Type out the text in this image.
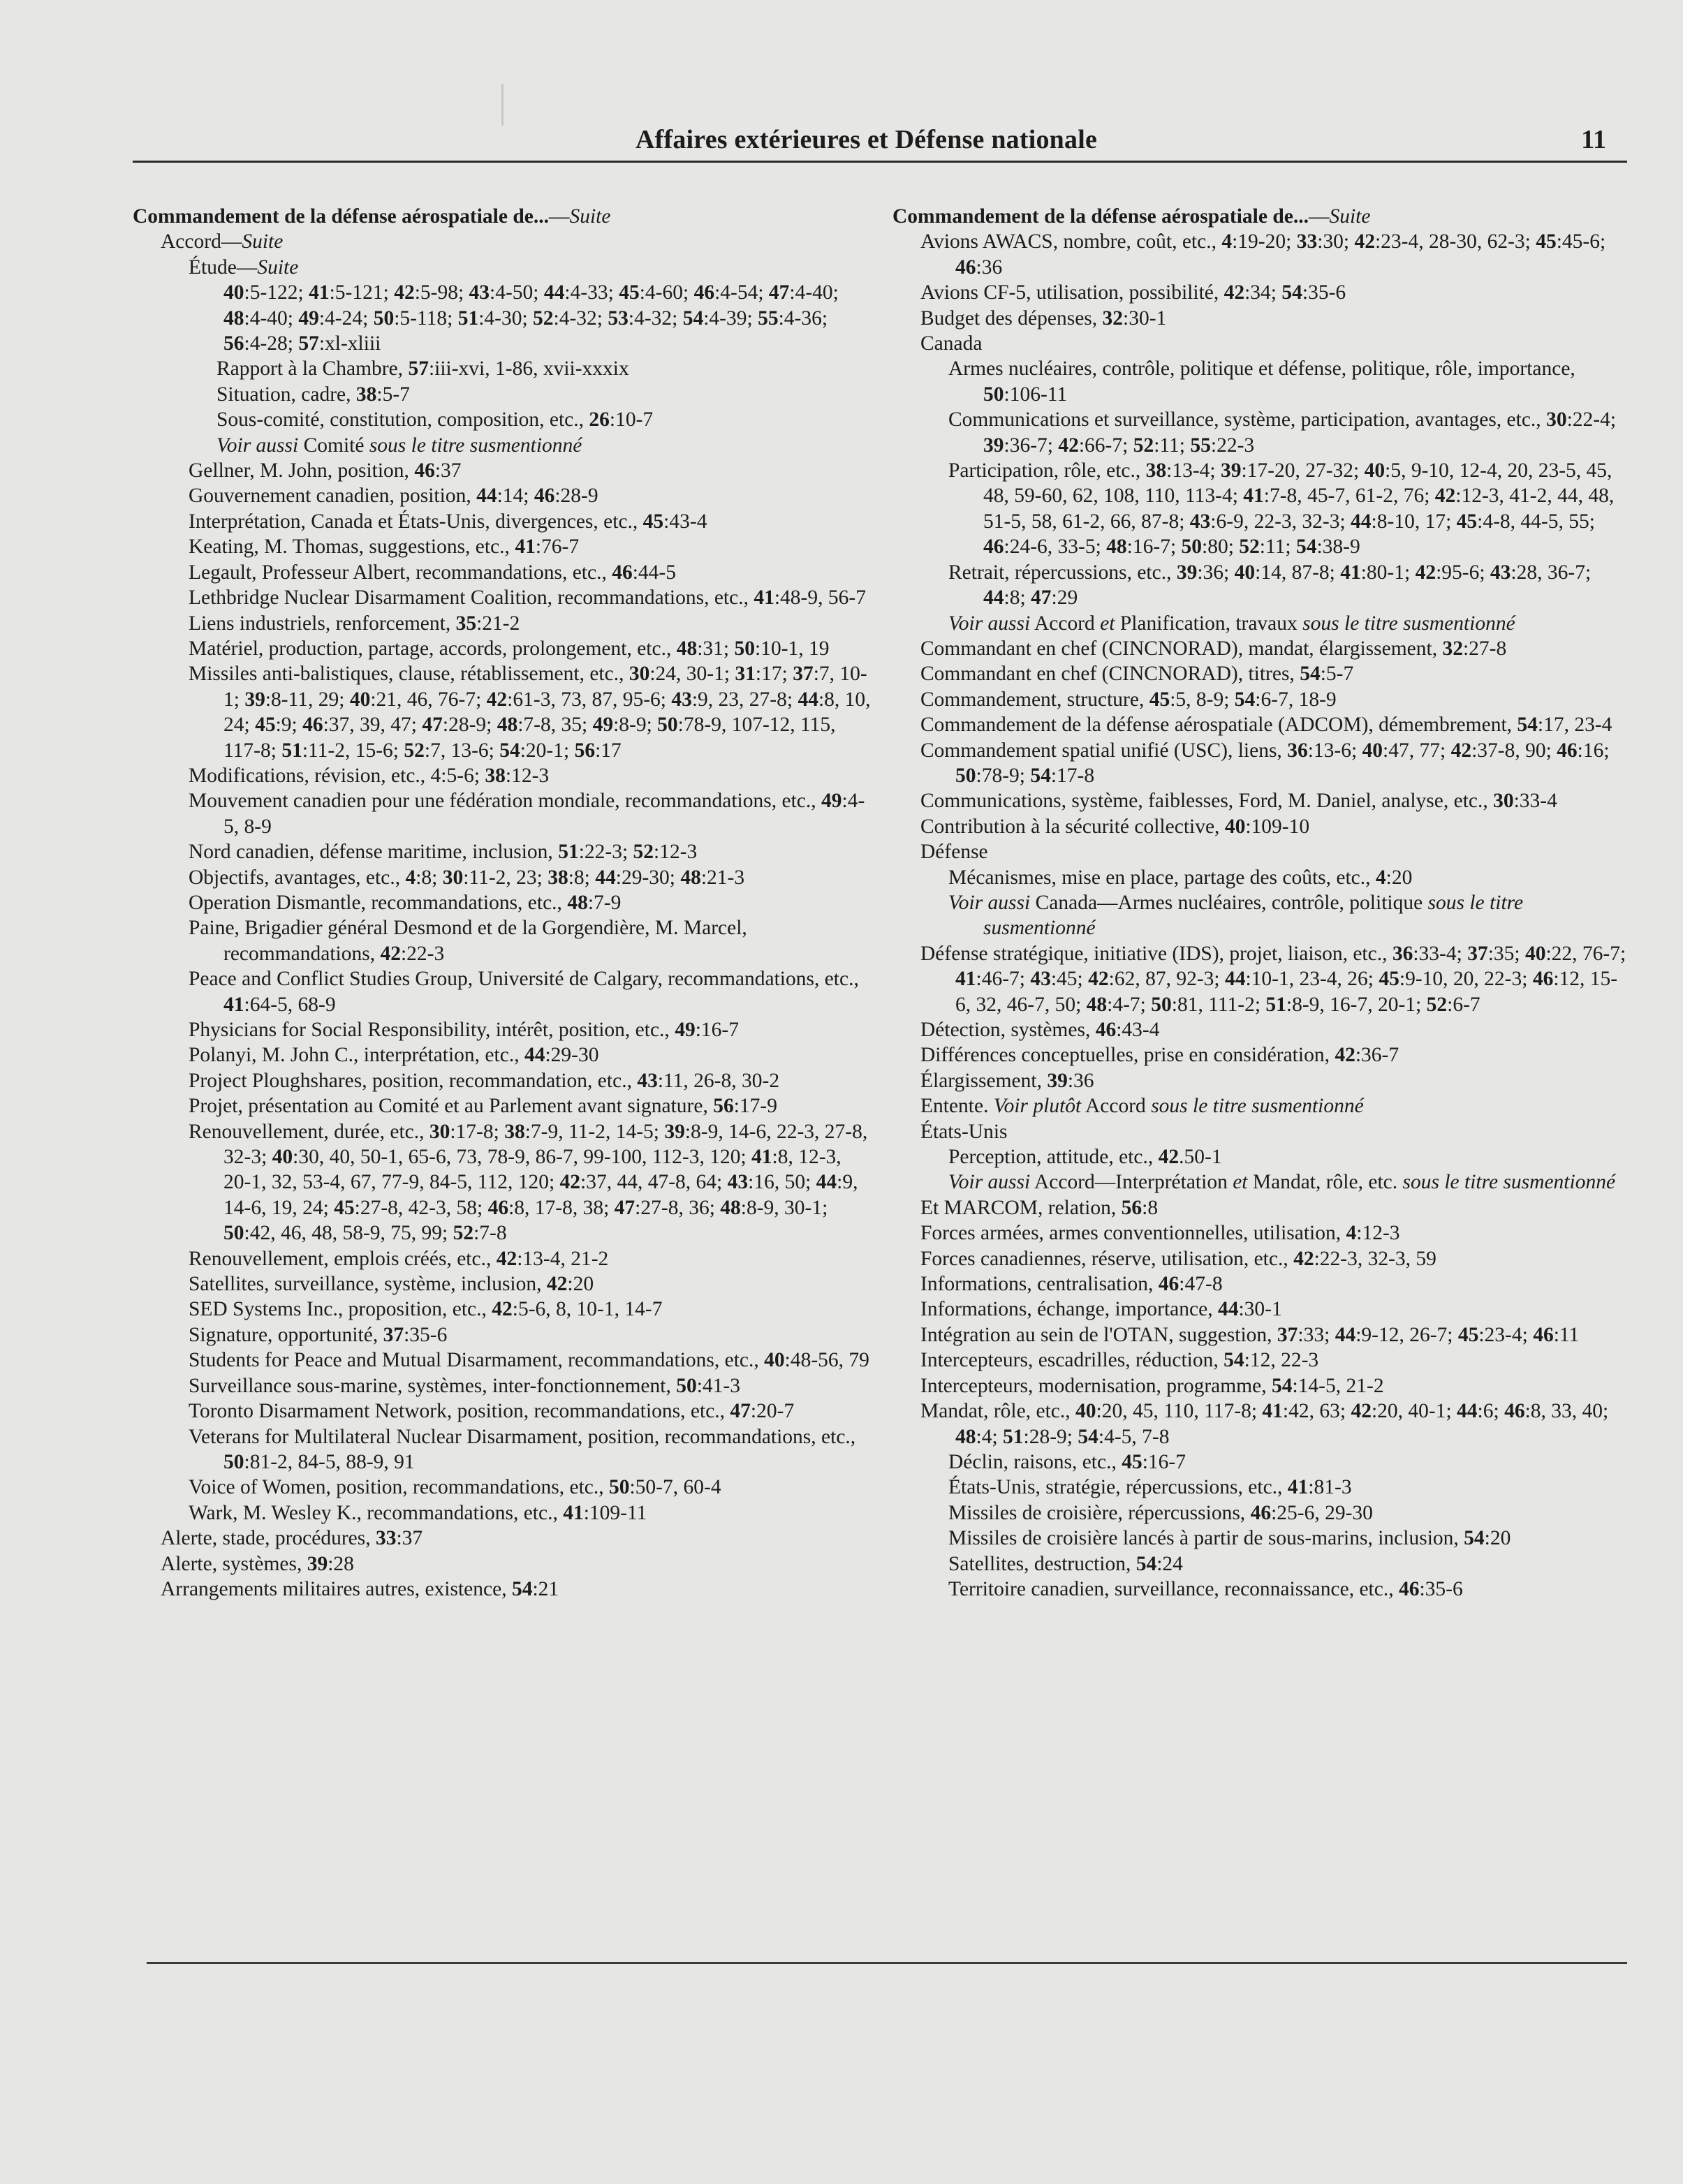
Affaires extérieures et Défense nationale	11
Commandement de la défense aérospatiale de...—Suite
Accord—Suite
Étude—Suite
40:5-122; 41:5-121; 42:5-98; 43:4-50; 44:4-33; 45:4-60; 46:4-54; 47:4-40; 48:4-40; 49:4-24; 50:5-118; 51:4-30; 52:4-32; 53:4-32; 54:4-39; 55:4-36; 56:4-28; 57:xl-xliii
Rapport à la Chambre, 57:iii-xvi, 1-86, xvii-xxxix
Situation, cadre, 38:5-7
Sous-comité, constitution, composition, etc., 26:10-7
Voir aussi Comité sous le titre susmentionné
Gellner, M. John, position, 46:37
Gouvernement canadien, position, 44:14; 46:28-9
Interprétation, Canada et États-Unis, divergences, etc., 45:43-4
Keating, M. Thomas, suggestions, etc., 41:76-7
Legault, Professeur Albert, recommandations, etc., 46:44-5
Lethbridge Nuclear Disarmament Coalition, recommandations, etc., 41:48-9, 56-7
Liens industriels, renforcement, 35:21-2
Matériel, production, partage, accords, prolongement, etc., 48:31; 50:10-1, 19
Missiles anti-balistiques, clause, rétablissement, etc., 30:24, 30-1; 31:17; 37:7, 10-1; 39:8-11, 29; 40:21, 46, 76-7; 42:61-3, 73, 87, 95-6; 43:9, 23, 27-8; 44:8, 10, 24; 45:9; 46:37, 39, 47; 47:28-9; 48:7-8, 35; 49:8-9; 50:78-9, 107-12, 115, 117-8; 51:11-2, 15-6; 52:7, 13-6; 54:20-1; 56:17
Modifications, révision, etc., 4:5-6; 38:12-3
Mouvement canadien pour une fédération mondiale, recommandations, etc., 49:4-5, 8-9
Nord canadien, défense maritime, inclusion, 51:22-3; 52:12-3
Objectifs, avantages, etc., 4:8; 30:11-2, 23; 38:8; 44:29-30; 48:21-3
Operation Dismantle, recommandations, etc., 48:7-9
Paine, Brigadier général Desmond et de la Gorgendière, M. Marcel, recommandations, 42:22-3
Peace and Conflict Studies Group, Université de Calgary, recommandations, etc., 41:64-5, 68-9
Physicians for Social Responsibility, intérêt, position, etc., 49:16-7
Polanyi, M. John C., interprétation, etc., 44:29-30
Project Ploughshares, position, recommandation, etc., 43:11, 26-8, 30-2
Projet, présentation au Comité et au Parlement avant signature, 56:17-9
Renouvellement, durée, etc., 30:17-8; 38:7-9, 11-2, 14-5; 39:8-9, 14-6, 22-3, 27-8, 32-3; 40:30, 40, 50-1, 65-6, 73, 78-9, 86-7, 99-100, 112-3, 120; 41:8, 12-3, 20-1, 32, 53-4, 67, 77-9, 84-5, 112, 120; 42:37, 44, 47-8, 64; 43:16, 50; 44:9, 14-6, 19, 24; 45:27-8, 42-3, 58; 46:8, 17-8, 38; 47:27-8, 36; 48:8-9, 30-1; 50:42, 46, 48, 58-9, 75, 99; 52:7-8
Renouvellement, emplois créés, etc., 42:13-4, 21-2
Satellites, surveillance, système, inclusion, 42:20
SED Systems Inc., proposition, etc., 42:5-6, 8, 10-1, 14-7
Signature, opportunité, 37:35-6
Students for Peace and Mutual Disarmament, recommandations, etc., 40:48-56, 79
Surveillance sous-marine, systèmes, inter-fonctionnement, 50:41-3
Toronto Disarmament Network, position, recommandations, etc., 47:20-7
Veterans for Multilateral Nuclear Disarmament, position, recommandations, etc., 50:81-2, 84-5, 88-9, 91
Voice of Women, position, recommandations, etc., 50:50-7, 60-4
Wark, M. Wesley K., recommandations, etc., 41:109-11
Alerte, stade, procédures, 33:37
Alerte, systèmes, 39:28
Arrangements militaires autres, existence, 54:21
Commandement de la défense aérospatiale de...—Suite
Avions AWACS, nombre, coût, etc., 4:19-20; 33:30; 42:23-4, 28-30, 62-3; 45:45-6; 46:36
Avions CF-5, utilisation, possibilité, 42:34; 54:35-6
Budget des dépenses, 32:30-1
Canada
Armes nucléaires, contrôle, politique et défense, politique, rôle, importance, 50:106-11
Communications et surveillance, système, participation, avantages, etc., 30:22-4; 39:36-7; 42:66-7; 52:11; 55:22-3
Participation, rôle, etc., 38:13-4; 39:17-20, 27-32; 40:5, 9-10, 12-4, 20, 23-5, 45, 48, 59-60, 62, 108, 110, 113-4; 41:7-8, 45-7, 61-2, 76; 42:12-3, 41-2, 44, 48, 51-5, 58, 61-2, 66, 87-8; 43:6-9, 22-3, 32-3; 44:8-10, 17; 45:4-8, 44-5, 55; 46:24-6, 33-5; 48:16-7; 50:80; 52:11; 54:38-9
Retrait, répercussions, etc., 39:36; 40:14, 87-8; 41:80-1; 42:95-6; 43:28, 36-7; 44:8; 47:29
Voir aussi Accord et Planification, travaux sous le titre susmentionné
Commandant en chef (CINCNORAD), mandat, élargissement, 32:27-8
Commandant en chef (CINCNORAD), titres, 54:5-7
Commandement, structure, 45:5, 8-9; 54:6-7, 18-9
Commandement de la défense aérospatiale (ADCOM), démembrement, 54:17, 23-4
Commandement spatial unifié (USC), liens, 36:13-6; 40:47, 77; 42:37-8, 90; 46:16; 50:78-9; 54:17-8
Communications, système, faiblesses, Ford, M. Daniel, analyse, etc., 30:33-4
Contribution à la sécurité collective, 40:109-10
Défense
Mécanismes, mise en place, partage des coûts, etc., 4:20
Voir aussi Canada—Armes nucléaires, contrôle, politique sous le titre susmentionné
Défense stratégique, initiative (IDS), projet, liaison, etc., 36:33-4; 37:35; 40:22, 76-7; 41:46-7; 43:45; 42:62, 87, 92-3; 44:10-1, 23-4, 26; 45:9-10, 20, 22-3; 46:12, 15-6, 32, 46-7, 50; 48:4-7; 50:81, 111-2; 51:8-9, 16-7, 20-1; 52:6-7
Détection, systèmes, 46:43-4
Différences conceptuelles, prise en considération, 42:36-7
Élargissement, 39:36
Entente. Voir plutôt Accord sous le titre susmentionné
États-Unis
Perception, attitude, etc., 42.50-1
Voir aussi Accord—Interprétation et Mandat, rôle, etc. sous le titre susmentionné
Et MARCOM, relation, 56:8
Forces armées, armes conventionnelles, utilisation, 4:12-3
Forces canadiennes, réserve, utilisation, etc., 42:22-3, 32-3, 59
Informations, centralisation, 46:47-8
Informations, échange, importance, 44:30-1
Intégration au sein de l'OTAN, suggestion, 37:33; 44:9-12, 26-7; 45:23-4; 46:11
Intercepteurs, escadrilles, réduction, 54:12, 22-3
Intercepteurs, modernisation, programme, 54:14-5, 21-2
Mandat, rôle, etc., 40:20, 45, 110, 117-8; 41:42, 63; 42:20, 40-1; 44:6; 46:8, 33, 40; 48:4; 51:28-9; 54:4-5, 7-8
Déclin, raisons, etc., 45:16-7
États-Unis, stratégie, répercussions, etc., 41:81-3
Missiles de croisière, répercussions, 46:25-6, 29-30
Missiles de croisière lancés à partir de sous-marins, inclusion, 54:20
Satellites, destruction, 54:24
Territoire canadien, surveillance, reconnaissance, etc., 46:35-6
